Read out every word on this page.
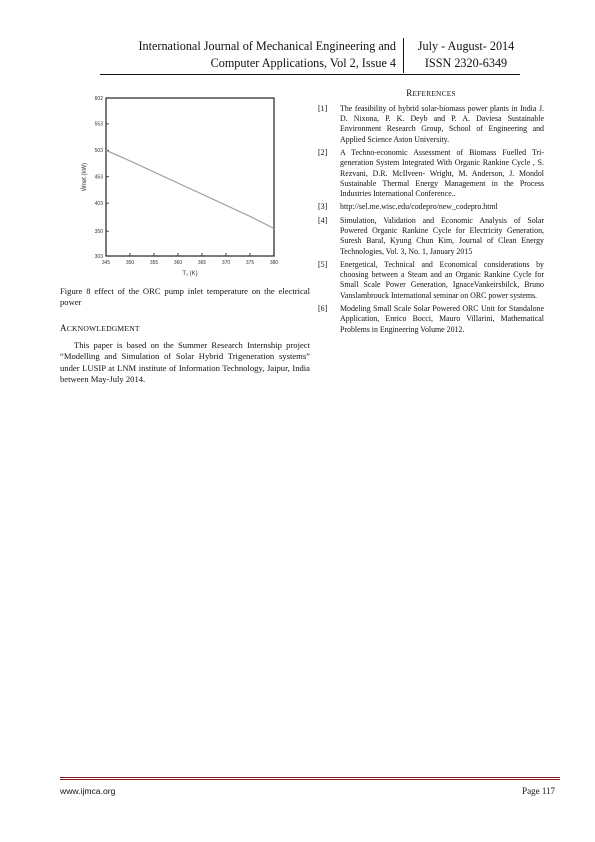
International Journal of Mechanical Engineering and
Computer Applications, Vol 2, Issue 4
July - August- 2014
ISSN 2320-6349
345	350	355	360	365	370	375	380
303
350
403
453
503
553
602
T₁ (K)
W̄net (kW)
Figure 8 effect of the ORC pump inlet temperature on the electrical power
ACKNOWLEDGMENT
This paper is based on the Summer Research Internship project “Modelling and Simulation of Solar Hybrid Trigeneration systems” under LUSIP at LNM institute of Information Technology, Jaipur, India between May-July 2014.
REFERENCES
[1] The feasibility of hybrid solar-biomass power plants in India J. D. Nixona, P. K. Deyb and P. A. Daviesa Sustainable Environment Research Group, School of Engineering and Applied Science Aston University.
[2] A Techno-economic Assessment of Biomass Fuelled Tri-generation System Integrated With Organic Rankine Cycle , S. Rezvani, D.R. McIlveen- Wright, M. Anderson, J. Mondol Sustainable Thermal Energy Management in the Process Industries International Conference..
[3] http://sel.me.wisc.edu/codepro/new_codepro.html
[4] Simulation, Validation and Economic Analysis of Solar Powered Organic Rankine Cycle for Electricity Generation, Suresh Baral, Kyung Chun Kim, Journal of Clean Energy Technologies, Vol. 3, No. 1, January 2015
[5] Energetical, Technical and Economical considerations by choosing between a Steam and an Organic Rankine Cycle for Small Scale Power Generation, IgnaceVankeirsbilck, Bruno Vanslambrouck International seminar on ORC power systems.
[6] Modeling Small Scale Solar Powered ORC Unit for Standalone Application, Enrico Bocci, Mauro Villarini, Mathematical Problems in Engineering Volume 2012.
www.ijmca.org	Page 117
